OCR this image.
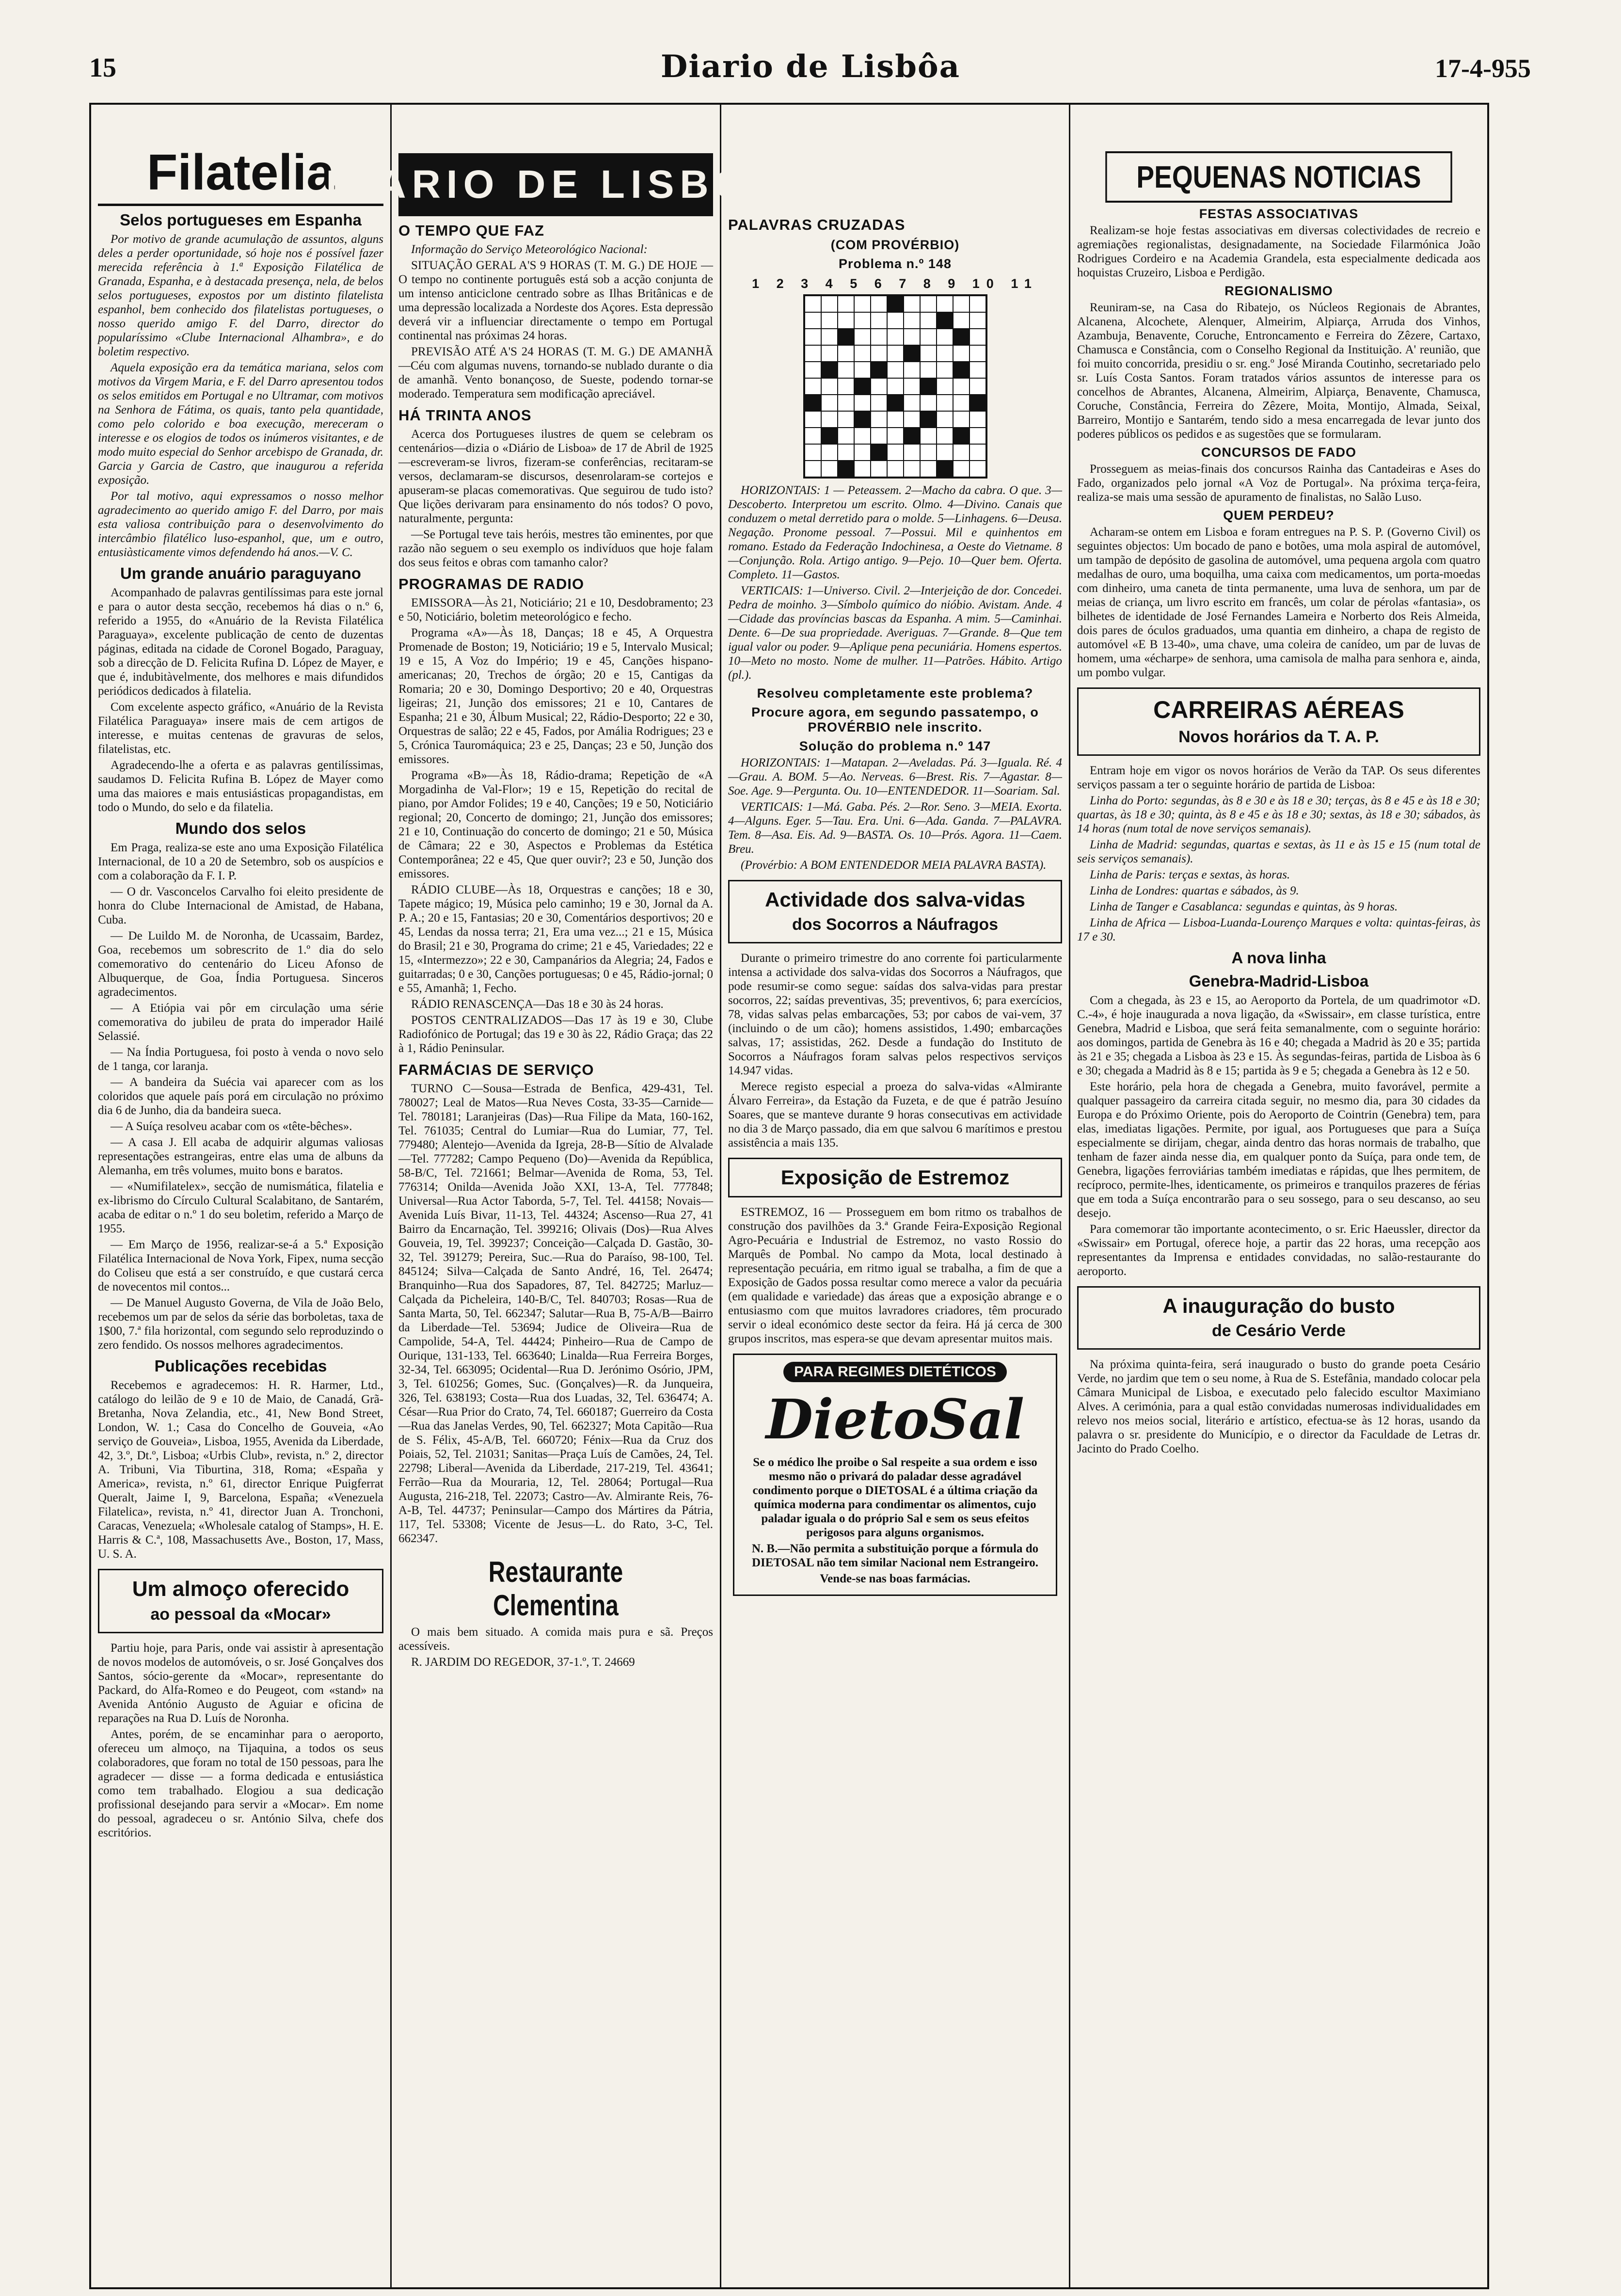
15	Diario de Lisbôa	17-4-955
Filatelia
Selos portugueses em Espanha

Por motivo de grande acumulação de assuntos, alguns deles a perder oportunidade, só hoje nos é possível fazer merecida referência à 1.ª Exposição Filatélica de Granada, Espanha, e à destacada presença, nela, de belos selos portugueses, expostos por um distinto filatelista espanhol, bem conhecido dos filatelistas portugueses, o nosso querido amigo F. del Darro, director do popularíssimo «Clube Internacional Alhambra», e do boletim respectivo.

Aquela exposição era da temática mariana, selos com motivos da Virgem Maria, e F. del Darro apresentou todos os selos emitidos em Portugal e no Ultramar, com motivos na Senhora de Fátima, os quais, tanto pela quantidade, como pelo colorido e boa execução, mereceram o interesse e os elogios de todos os inúmeros visitantes, e de modo muito especial do Senhor arcebispo de Granada, dr. Garcia y Garcia de Castro, que inaugurou a referida exposição.

Por tal motivo, aqui expressamos o nosso melhor agradecimento ao querido amigo F. del Darro, por mais esta valiosa contribuição para o desenvolvimento do intercâmbio filatélico luso-espanhol, que, um e outro, entusiàsticamente vimos defendendo há anos.—V. C.

Um grande anuário paraguyano

Acompanhado de palavras gentilíssimas para este jornal e para o autor desta secção, recebemos há dias o n.º 6, referido a 1955, do «Anuário de la Revista Filatélica Paraguaya», excelente publicação de cento de duzentas páginas, editada na cidade de Coronel Bogado, Paraguay, sob a direcção de D. Felicita Rufina D. López de Mayer, e que é, indubitàvelmente, dos melhores e mais difundidos periódicos dedicados à filatelia.

Com excelente aspecto gráfico, «Anuário de la Revista Filatélica Paraguaya» insere mais de cem artigos de interesse, e muitas centenas de gravuras de selos, filatelistas, etc.

Agradecendo-lhe a oferta e as palavras gentilíssimas, saudamos D. Felicita Rufina B. López de Mayer como uma das maiores e mais entusiásticas propagandistas, em todo o Mundo, do selo e da filatelia.

Mundo dos selos

Em Praga, realiza-se este ano uma Exposição Filatélica Internacional, de 10 a 20 de Setembro, sob os auspícios e com a colaboração da F. I. P.

— O dr. Vasconcelos Carvalho foi eleito presidente de honra do Clube Internacional de Amistad, de Habana, Cuba.

— De Luildo M. de Noronha, de Ucassaim, Bardez, Goa, recebemos um sobrescrito de 1.º dia do selo comemorativo do centenário do Liceu Afonso de Albuquerque, de Goa, Índia Portuguesa. Sinceros agradecimentos.

— A Etiópia vai pôr em circulação uma série comemorativa do jubileu de prata do imperador Hailé Selassié.

— Na Índia Portuguesa, foi posto à venda o novo selo de 1 tanga, cor laranja.

— A bandeira da Suécia vai aparecer com as los coloridos que aquele país porá em circulação no próximo dia 6 de Junho, dia da bandeira sueca.

— A Suíça resolveu acabar com os «tête-bêches».

— A casa J. Ell acaba de adquirir algumas valiosas representações estrangeiras, entre elas uma de albuns da Alemanha, em três volumes, muito bons e baratos.

— «Numifilatelex», secção de numismática, filatelia e ex-librismo do Círculo Cultural Scalabitano, de Santarém, acaba de editar o n.º 1 do seu boletim, referido a Março de 1955.

— Em Março de 1956, realizar-se-á a 5.ª Exposição Filatélica Internacional de Nova York, Fipex, numa secção do Coliseu que está a ser construído, e que custará cerca de novecentos mil contos...

— De Manuel Augusto Governa, de Vila de João Belo, recebemos um par de selos da série das borboletas, taxa de 1$00, 7.ª fila horizontal, com segundo selo reproduzindo o zero fendido. Os nossos melhores agradecimentos.

Publicações recebidas

Recebemos e agradecemos: H. R. Harmer, Ltd., catálogo do leilão de 9 e 10 de Maio, de Canadá, Grã-Bretanha, Nova Zelandia, etc., 41, New Bond Street, London, W. 1.; Casa do Concelho de Gouveia, «Ao serviço de Gouveia», Lisboa, 1955, Avenida da Liberdade, 42, 3.º, Dt.º, Lisboa; «Urbis Club», revista, n.º 2, director A. Tribuni, Via Tiburtina, 318, Roma; «España y America», revista, n.º 61, director Enrique Puigferrat Queralt, Jaime I, 9, Barcelona, España; «Venezuela Filatelica», revista, n.º 41, director Juan A. Tronchoni, Caracas, Venezuela; «Wholesale catalog of Stamps», H. E. Harris & C.ª, 108, Massachusetts Ave., Boston, 17, Mass, U. S. A.

Um almoço oferecido
ao pessoal da «Mocar»

Partiu hoje, para Paris, onde vai assistir à apresentação de novos modelos de automóveis, o sr. José Gonçalves dos Santos, sócio-gerente da «Mocar», representante do Packard, do Alfa-Romeo e do Peugeot, com «stand» na Avenida António Augusto de Aguiar e oficina de reparações na Rua D. Luís de Noronha.

Antes, porém, de se encaminhar para o aeroporto, ofereceu um almoço, na Tijaquina, a todos os seus colaboradores, que foram no total de 150 pessoas, para lhe agradecer — disse — a forma dedicada e entusiástica como tem trabalhado. Elogiou a sua dedicação profissional desejando para servir a «Mocar». Em nome do pessoal, agradeceu o sr. António Silva, chefe dos escritórios.

DIARIO DE LISBOA
O TEMPO QUE FAZ

Informação do Serviço Meteorológico Nacional:

SITUAÇÃO GERAL A'S 9 HORAS (T. M. G.) DE HOJE — O tempo no continente português está sob a acção conjunta de um intenso anticiclone centrado sobre as Ilhas Britânicas e de uma depressão localizada a Nordeste dos Açores. Esta depressão deverá vir a influenciar directamente o tempo em Portugal continental nas próximas 24 horas.

PREVISÃO ATÉ A'S 24 HORAS (T. M. G.) DE AMANHÃ—Céu com algumas nuvens, tornando-se nublado durante o dia de amanhã. Vento bonançoso, de Sueste, podendo tornar-se moderado. Temperatura sem modificação apreciável.

HÁ TRINTA ANOS

Acerca dos Portugueses ilustres de quem se celebram os centenários—dizia o «Diário de Lisboa» de 17 de Abril de 1925—escreveram-se livros, fizeram-se conferências, recitaram-se versos, declamaram-se discursos, desenrolaram-se cortejos e apuseram-se placas comemorativas. Que seguirou de tudo isto? Que lições derivaram para ensinamento do nós todos? O povo, naturalmente, pergunta:

—Se Portugal teve tais heróis, mestres tão eminentes, por que razão não seguem o seu exemplo os indivíduos que hoje falam dos seus feitos e obras com tamanho calor?

PROGRAMAS DE RADIO

EMISSORA—Às 21, Noticiário; 21 e 10, Desdobramento; 23 e 50, Noticiário, boletim meteorológico e fecho.

Programa «A»—Às 18, Danças; 18 e 45, A Orquestra Promenade de Boston; 19, Noticiário; 19 e 5, Intervalo Musical; 19 e 15, A Voz do Império; 19 e 45, Canções hispano-americanas; 20, Trechos de órgão; 20 e 15, Cantigas da Romaria; 20 e 30, Domingo Desportivo; 20 e 40, Orquestras ligeiras; 21, Junção dos emissores; 21 e 10, Cantares de Espanha; 21 e 30, Álbum Musical; 22, Rádio-Desporto; 22 e 30, Orquestras de salão; 22 e 45, Fados, por Amália Rodrigues; 23 e 5, Crónica Tauromáquica; 23 e 25, Danças; 23 e 50, Junção dos emissores.

Programa «B»—Às 18, Rádio-drama; Repetição de «A Morgadinha de Val-Flor»; 19 e 15, Repetição do recital de piano, por Amdor Folides; 19 e 40, Canções; 19 e 50, Noticiário regional; 20, Concerto de domingo; 21, Junção dos emissores; 21 e 10, Continuação do concerto de domingo; 21 e 50, Música de Câmara; 22 e 30, Aspectos e Problemas da Estética Contemporânea; 22 e 45, Que quer ouvir?; 23 e 50, Junção dos emissores.

RÁDIO CLUBE—Às 18, Orquestras e canções; 18 e 30, Tapete mágico; 19, Música pelo caminho; 19 e 30, Jornal da A. P. A.; 20 e 15, Fantasias; 20 e 30, Comentários desportivos; 20 e 45, Lendas da nossa terra; 21, Era uma vez...; 21 e 15, Música do Brasil; 21 e 30, Programa do crime; 21 e 45, Variedades; 22 e 15, «Intermezzo»; 22 e 30, Campanários da Alegria; 24, Fados e guitarradas; 0 e 30, Canções portuguesas; 0 e 45, Rádio-jornal; 0 e 55, Amanhã; 1, Fecho.

RÁDIO RENASCENÇA—Das 18 e 30 às 24 horas.

POSTOS CENTRALIZADOS—Das 17 às 19 e 30, Clube Radiofónico de Portugal; das 19 e 30 às 22, Rádio Graça; das 22 à 1, Rádio Peninsular.

FARMÁCIAS DE SERVIÇO

TURNO C—Sousa—Estrada de Benfica, 429-431, Tel. 780027; Leal de Matos—Rua Neves Costa, 33-35—Carnide—Tel. 780181; Laranjeiras (Das)—Rua Filipe da Mata, 160-162, Tel. 761035; Central do Lumiar—Rua do Lumiar, 77, Tel. 779480; Alentejo—Avenida da Igreja, 28-B—Sítio de Alvalade—Tel. 777282; Campo Pequeno (Do)—Avenida da República, 58-B/C, Tel. 721661; Belmar—Avenida de Roma, 53, Tel. 776314; Onilda—Avenida João XXI, 13-A, Tel. 777848; Universal—Rua Actor Taborda, 5-7, Tel. Tel. 44158; Novais—Avenida Luís Bivar, 11-13, Tel. 44324; Ascenso—Rua 27, 41 Bairro da Encarnação, Tel. 399216; Olivais (Dos)—Rua Alves Gouveia, 19, Tel. 399237; Conceição—Calçada D. Gastão, 30-32, Tel. 391279; Pereira, Suc.—Rua do Paraíso, 98-100, Tel. 845124; Silva—Calçada de Santo André, 16, Tel. 26474; Branquinho—Rua dos Sapadores, 87, Tel. 842725; Marluz—Calçada da Picheleira, 140-B/C, Tel. 840703; Rosas—Rua de Santa Marta, 50, Tel. 662347; Salutar—Rua B, 75-A/B—Bairro da Liberdade—Tel. 53694; Judice de Oliveira—Rua de Campolide, 54-A, Tel. 44424; Pinheiro—Rua de Campo de Ourique, 131-133, Tel. 663640; Linalda—Rua Ferreira Borges, 32-34, Tel. 663095; Ocidental—Rua D. Jerónimo Osório, JPM, 3, Tel. 610256; Gomes, Suc. (Gonçalves)—R. da Junqueira, 326, Tel. 638193; Costa—Rua dos Luadas, 32, Tel. 636474; A. César—Rua Prior do Crato, 74, Tel. 660187; Guerreiro da Costa—Rua das Janelas Verdes, 90, Tel. 662327; Mota Capitão—Rua de S. Félix, 45-A/B, Tel. 660720; Fénix—Rua da Cruz dos Poiais, 52, Tel. 21031; Sanitas—Praça Luís de Camões, 24, Tel. 22798; Liberal—Avenida da Liberdade, 217-219, Tel. 43641; Ferrão—Rua da Mouraria, 12, Tel. 28064; Portugal—Rua Augusta, 216-218, Tel. 22073; Castro—Av. Almirante Reis, 76-A-B, Tel. 44737; Peninsular—Campo dos Mártires da Pátria, 117, Tel. 53308; Vicente de Jesus—L. do Rato, 3-C, Tel. 662347.

Restaurante Clementina

O mais bem situado. A comida mais pura e sã. Preços acessíveis.

R. JARDIM DO REGEDOR, 37-1.º, T. 24669

PALAVRAS CRUZADAS
(COM PROVÉRBIO)
Problema n.º 148
1 2 3 4 5 6 7 8 9 10 11

HORIZONTAIS: 1 — Peteassem. 2—Macho da cabra. O que. 3—Descoberto. Interpretou um escrito. Olmo. 4—Divino. Canais que conduzem o metal derretido para o molde. 5—Linhagens. 6—Deusa. Negação. Pronome pessoal. 7—Possui. Mil e quinhentos em romano. Estado da Federação Indochinesa, a Oeste do Vietname. 8—Conjunção. Rola. Artigo antigo. 9—Pejo. 10—Quer bem. Oferta. Completo. 11—Gastos.

VERTICAIS: 1—Universo. Civil. 2—Interjeição de dor. Concedei. Pedra de moinho. 3—Símbolo químico do nióbio. Avistam. Ande. 4—Cidade das províncias bascas da Espanha. A mim. 5—Caminhai. Dente. 6—De sua propriedade. Averiguas. 7—Grande. 8—Que tem igual valor ou poder. 9—Aplique pena pecuniária. Homens espertos. 10—Meto no mosto. Nome de mulher. 11—Patrões. Hábito. Artigo (pl.).

Resolveu completamente este problema?
Procure agora, em segundo passatempo, o PROVÉRBIO nele inscrito.
Solução do problema n.º 147

HORIZONTAIS: 1—Matapan. 2—Aveladas. Pá. 3—Iguala. Ré. 4—Grau. A. BOM. 5—Ao. Nerveas. 6—Brest. Ris. 7—Agastar. 8—Soe. Age. 9—Pergunta. Ou. 10—ENTENDEDOR. 11—Soariam. Sal.

VERTICAIS: 1—Má. Gaba. Pés. 2—Ror. Seno. 3—MEIA. Exorta. 4—Alguns. Eger. 5—Tau. Era. Uni. 6—Ada. Ganda. 7—PALAVRA. Tem. 8—Asa. Eis. Ad. 9—BASTA. Os. 10—Prós. Agora. 11—Caem. Breu.

(Provérbio: A BOM ENTENDEDOR MEIA PALAVRA BASTA).

Actividade dos salva-vidas
dos Socorros a Náufragos

Durante o primeiro trimestre do ano corrente foi particularmente intensa a actividade dos salva-vidas dos Socorros a Náufragos, que pode resumir-se como segue: saídas dos salva-vidas para prestar socorros, 22; saídas preventivas, 35; preventivos, 6; para exercícios, 78, vidas salvas pelas embarcações, 53; por cabos de vai-vem, 37 (incluindo o de um cão); homens assistidos, 1.490; embarcações salvas, 17; assistidas, 262. Desde a fundação do Instituto de Socorros a Náufragos foram salvas pelos respectivos serviços 14.947 vidas.

Merece registo especial a proeza do salva-vidas «Almirante Álvaro Ferreira», da Estação da Fuzeta, e de que é patrão Jesuíno Soares, que se manteve durante 9 horas consecutivas em actividade no dia 3 de Março passado, dia em que salvou 6 marítimos e prestou assistência a mais 135.

Exposição de Estremoz

ESTREMOZ, 16 — Prosseguem em bom ritmo os trabalhos de construção dos pavilhões da 3.ª Grande Feira-Exposição Regional Agro-Pecuária e Industrial de Estremoz, no vasto Rossio do Marquês de Pombal. No campo da Mota, local destinado à representação pecuária, em ritmo igual se trabalha, a fim de que a Exposição de Gados possa resultar como merece a valor da pecuária (em qualidade e variedade) das áreas que a exposição abrange e o entusiasmo com que muitos lavradores criadores, têm procurado servir o ideal económico deste sector da feira. Há já cerca de 300 grupos inscritos, mas espera-se que devam apresentar muitos mais.

PARA REGIMES DIETÉTICOS
DietoSal

Se o médico lhe proibe o Sal respeite a sua ordem e isso mesmo não o privará do paladar desse agradável condimento porque o DIETOSAL é a última criação da química moderna para condimentar os alimentos, cujo paladar iguala o do próprio Sal e sem os seus efeitos perigosos para alguns organismos.

N. B.—Não permita a substituição porque a fórmula do DIETOSAL não tem similar Nacional nem Estrangeiro.

Vende-se nas boas farmácias.

PEQUENAS NOTICIAS
FESTAS ASSOCIATIVAS

Realizam-se hoje festas associativas em diversas colectividades de recreio e agremiações regionalistas, designadamente, na Sociedade Filarmónica João Rodrigues Cordeiro e na Academia Grandela, esta especialmente dedicada aos hoquistas Cruzeiro, Lisboa e Perdigão.

REGIONALISMO

Reuniram-se, na Casa do Ribatejo, os Núcleos Regionais de Abrantes, Alcanena, Alcochete, Alenquer, Almeirim, Alpiarça, Arruda dos Vinhos, Azambuja, Benavente, Coruche, Entroncamento e Ferreira do Zêzere, Cartaxo, Chamusca e Constância, com o Conselho Regional da Instituição. A' reunião, que foi muito concorrida, presidiu o sr. eng.º José Miranda Coutinho, secretariado pelo sr. Luís Costa Santos. Foram tratados vários assuntos de interesse para os concelhos de Abrantes, Alcanena, Almeirim, Alpiarça, Benavente, Chamusca, Coruche, Constância, Ferreira do Zêzere, Moita, Montijo, Almada, Seixal, Barreiro, Montijo e Santarém, tendo sido a mesa encarregada de levar junto dos poderes públicos os pedidos e as sugestões que se formularam.

CONCURSOS DE FADO

Prosseguem as meias-finais dos concursos Rainha das Cantadeiras e Ases do Fado, organizados pelo jornal «A Voz de Portugal». Na próxima terça-feira, realiza-se mais uma sessão de apuramento de finalistas, no Salão Luso.

QUEM PERDEU?

Acharam-se ontem em Lisboa e foram entregues na P. S. P. (Governo Civil) os seguintes objectos: Um bocado de pano e botões, uma mola aspiral de automóvel, um tampão de depósito de gasolina de automóvel, uma pequena argola com quatro medalhas de ouro, uma boquilha, uma caixa com medicamentos, um porta-moedas com dinheiro, uma caneta de tinta permanente, uma luva de senhora, um par de meias de criança, um livro escrito em francês, um colar de pérolas «fantasia», os bilhetes de identidade de José Fernandes Lameira e Norberto dos Reis Almeida, dois pares de óculos graduados, uma quantia em dinheiro, a chapa de registo de automóvel «E B 13-40», uma chave, uma coleira de canídeo, um par de luvas de homem, uma «écharpe» de senhora, uma camisola de malha para senhora e, ainda, um pombo vulgar.

CARREIRAS AÉREAS
Novos horários da T. A. P.

Entram hoje em vigor os novos horários de Verão da TAP. Os seus diferentes serviços passam a ter o seguinte horário de partida de Lisboa:

Linha do Porto: segundas, às 8 e 30 e às 18 e 30; terças, às 8 e 45 e às 18 e 30; quartas, às 18 e 30; quinta, às 8 e 45 e às 18 e 30; sextas, às 18 e 30; sábados, às 14 horas (num total de nove serviços semanais).

Linha de Madrid: segundas, quartas e sextas, às 11 e às 15 e 15 (num total de seis serviços semanais).

Linha de Paris: terças e sextas, às horas.

Linha de Londres: quartas e sábados, às 9.

Linha de Tanger e Casablanca: segundas e quintas, às 9 horas.

Linha de Africa — Lisboa-Luanda-Lourenço Marques e volta: quintas-feiras, às 17 e 30.

A nova linha
Genebra-Madrid-Lisboa

Com a chegada, às 23 e 15, ao Aeroporto da Portela, de um quadrimotor «D. C.-4», é hoje inaugurada a nova ligação, da «Swissair», em classe turística, entre Genebra, Madrid e Lisboa, que será feita semanalmente, com o seguinte horário: aos domingos, partida de Genebra às 16 e 40; chegada a Madrid às 20 e 35; partida às 21 e 35; chegada a Lisboa às 23 e 15. Às segundas-feiras, partida de Lisboa às 6 e 30; chegada a Madrid às 8 e 15; partida às 9 e 5; chegada a Genebra às 12 e 50.

Este horário, pela hora de chegada a Genebra, muito favorável, permite a qualquer passageiro da carreira citada seguir, no mesmo dia, para 30 cidades da Europa e do Próximo Oriente, pois do Aeroporto de Cointrin (Genebra) tem, para elas, imediatas ligações. Permite, por igual, aos Portugueses que para a Suíça especialmente se dirijam, chegar, ainda dentro das horas normais de trabalho, que tenham de fazer ainda nesse dia, em qualquer ponto da Suíça, para onde tem, de Genebra, ligações ferroviárias também imediatas e rápidas, que lhes permitem, de recíproco, permite-lhes, identicamente, os primeiros e tranquilos prazeres de férias que em toda a Suíça encontrarão para o seu sossego, para o seu descanso, ao seu desejo.

Para comemorar tão importante acontecimento, o sr. Eric Haeussler, director da «Swissair» em Portugal, oferece hoje, a partir das 22 horas, uma recepção aos representantes da Imprensa e entidades convidadas, no salão-restaurante do aeroporto.

A inauguração do busto
de Cesário Verde

Na próxima quinta-feira, será inaugurado o busto do grande poeta Cesário Verde, no jardim que tem o seu nome, à Rua de S. Estefânia, mandado colocar pela Câmara Municipal de Lisboa, e executado pelo falecido escultor Maximiano Alves. A cerimónia, para a qual estão convidadas numerosas individualidades em relevo nos meios social, literário e artístico, efectua-se às 12 horas, usando da palavra o sr. presidente do Município, e o director da Faculdade de Letras dr. Jacinto do Prado Coelho.
